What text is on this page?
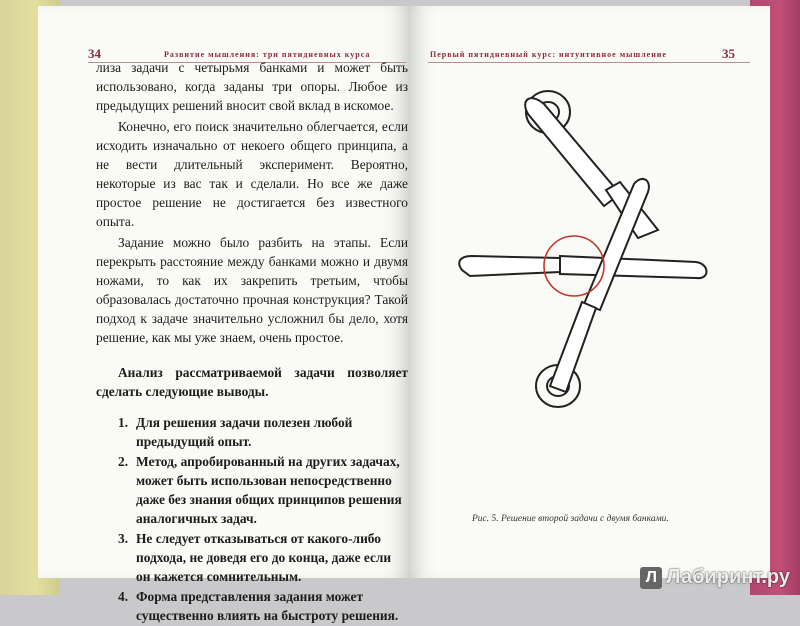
34	Развитие мышления: три пятидневных курса

лиза задачи с четырьмя банками и может быть использовано, когда заданы три опоры. Любое из предыдущих решений вносит свой вклад в искомое.

Конечно, его поиск значительно облегчается, если исходить изначально от некоего общего принципа, а не вести длительный эксперимент. Вероятно, некоторые из вас так и сделали. Но все же даже простое решение не достигается без известного опыта.

Задание можно было разбить на этапы. Если перекрыть расстояние между банками можно и двумя ножами, то как их закрепить третьим, чтобы образовалась достаточно прочная конструкция? Такой подход к задаче значительно усложнил бы дело, хотя решение, как мы уже знаем, очень простое.

Анализ рассматриваемой задачи позволяет сделать следующие выводы.

1. Для решения задачи полезен любой предыдущий опыт.
2. Метод, апробированный на других задачах, может быть использован непосредственно даже без знания общих принципов решения аналогичных задач.
3. Не следует отказываться от какого-либо подхода, не доведя его до конца, даже если он кажется сомнительным.
4. Форма представления задания может существенно влиять на быстроту решения.
Первый пятидневный курс: интуитивное мышление	35
Рис. 5. Решение второй задачи с двумя банками.
Л Лабиринт.ру
